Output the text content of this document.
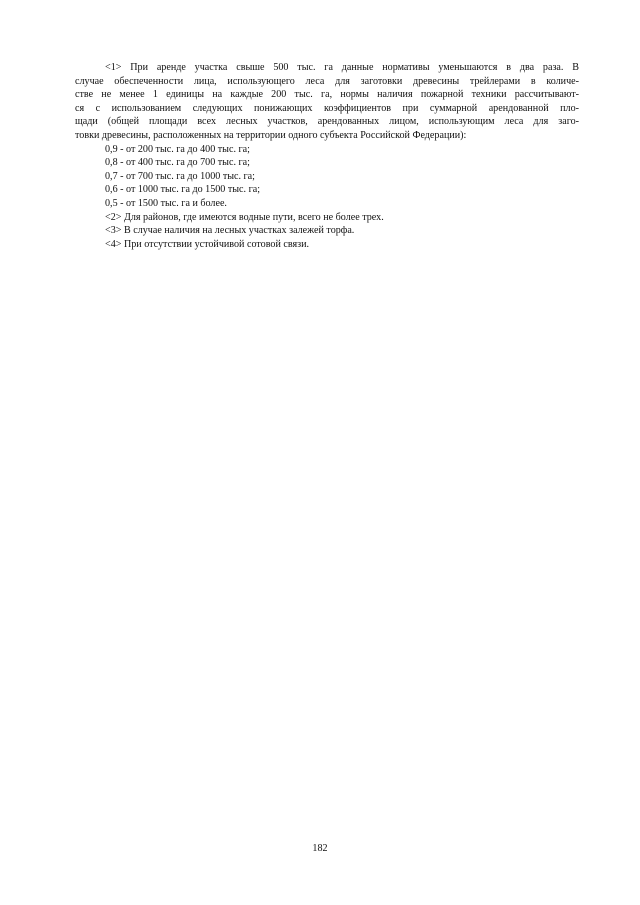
<1> При аренде участка свыше 500 тыс. га данные нормативы уменьшаются в два раза. В
случае обеспеченности лица, использующего леса для заготовки древесины трейлерами в количе-
стве не менее 1 единицы на каждые 200 тыс. га, нормы наличия пожарной техники рассчитывают-
ся с использованием следующих понижающих коэффициентов при суммарной арендованной пло-
щади (общей площади всех лесных участков, арендованных лицом, использующим леса для заго-
товки древесины, расположенных на территории одного субъекта Российской Федерации):
0,9 - от 200 тыс. га до 400 тыс. га;
0,8 - от 400 тыс. га до 700 тыс. га;
0,7 - от 700 тыс. га до 1000 тыс. га;
0,6 - от 1000 тыс. га до 1500 тыс. га;
0,5 - от 1500 тыс. га и более.

<2> Для районов, где имеются водные пути, всего не более трех.

<3> В случае наличия на лесных участках залежей торфа.

<4> При отсутствии устойчивой сотовой связи.

182
